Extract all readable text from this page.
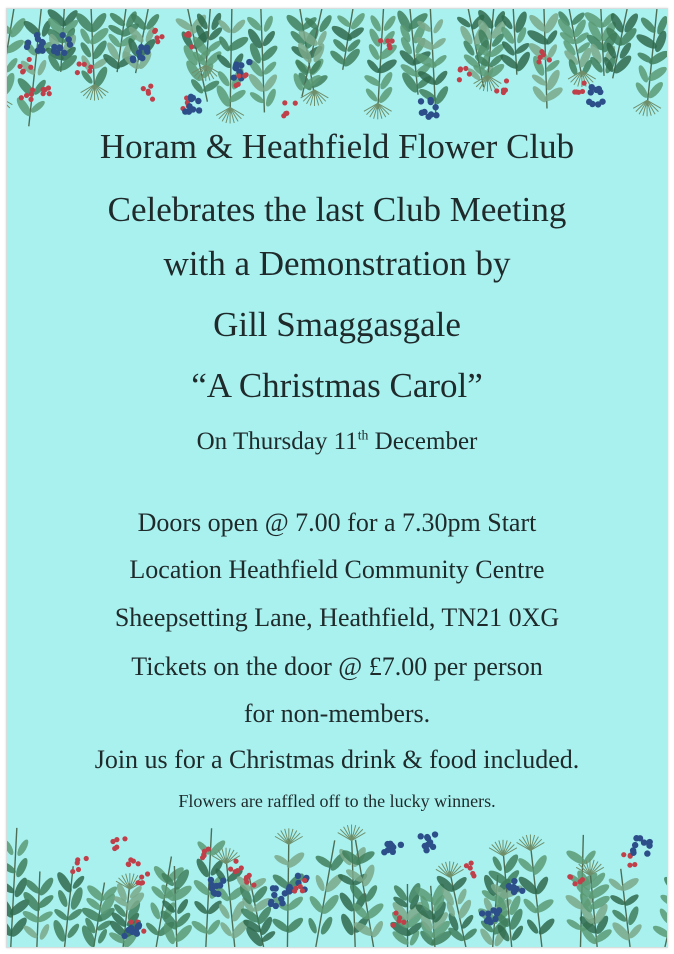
Horam & Heathfield Flower Club
Celebrates the last Club Meeting
with a Demonstration by
Gill Smaggasgale
“A Christmas Carol”
On Thursday 11th December
Doors open @ 7.00 for a 7.30pm Start
Location Heathfield Community Centre
Sheepsetting Lane, Heathfield, TN21 0XG
Tickets on the door @ £7.00 per person
for non-members.
Join us for a Christmas drink & food included.
Flowers are raffled off to the lucky winners.
